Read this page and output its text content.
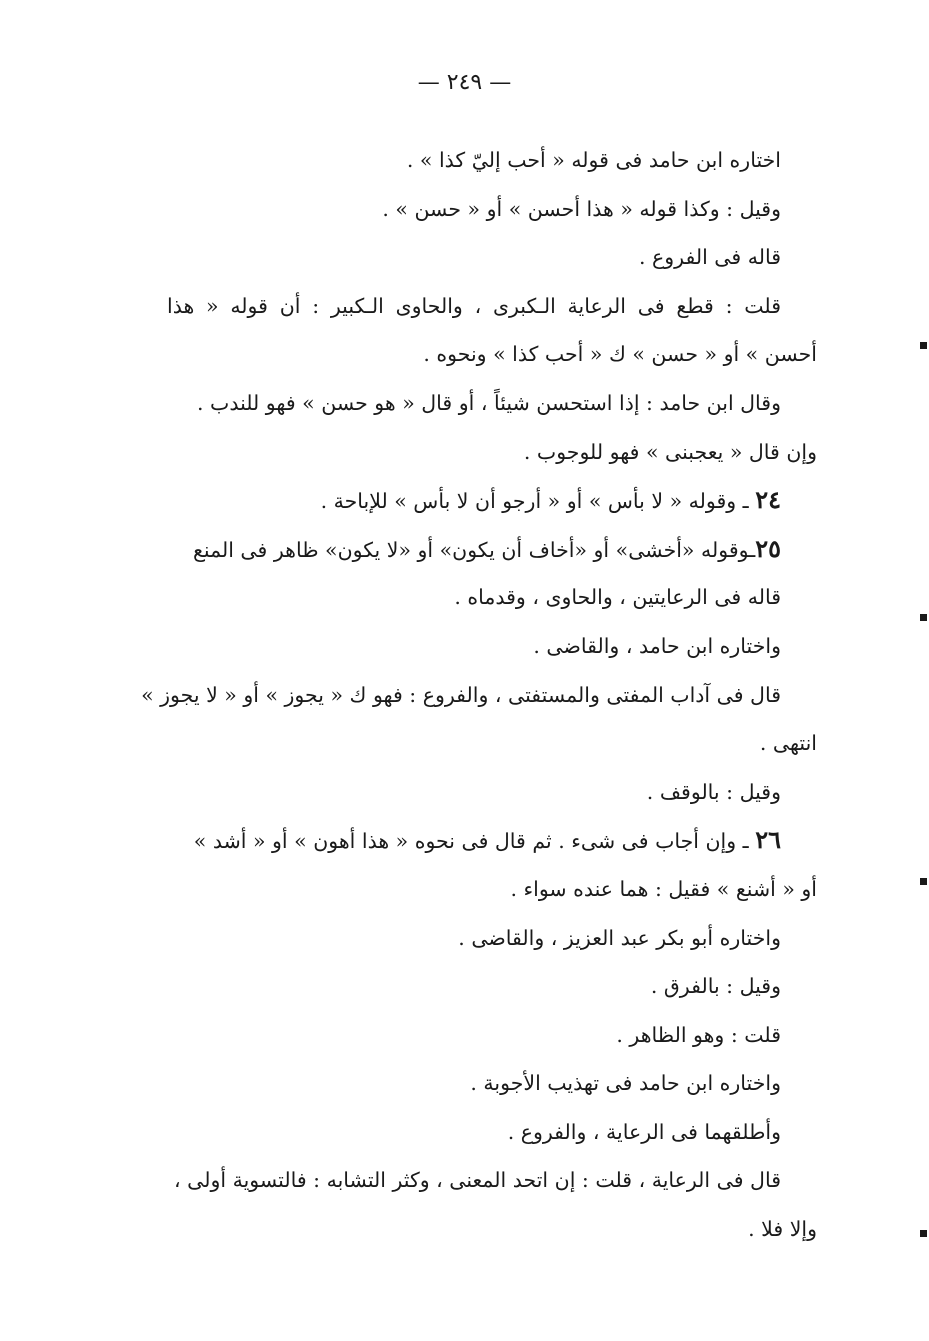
— ٢٤٩ —
اختاره ابن حامد فى قوله « أحب إليّ كذا » .
وقيل : وكذا قوله « هذا أحسن » أو « حسن » .
قاله فى الفروع .
قلت : قطع فى الرعاية الـكبرى ، والحاوى الـكبير : أن قوله « هذا
أحسن » أو « حسن » ك « أحب كذا » ونحوه .
وقال ابن حامد : إذا استحسن شيئاً ، أو قال « هو حسن » فهو للندب .
وإن قال « يعجبنى » فهو للوجوب .
٢٤ ـ وقوله « لا بأس » أو « أرجو أن لا بأس » للإباحة .
٢٥ـوقوله «أخشى» أو «أخاف أن يكون» أو «لا يكون» ظاهر فى المنع
قاله فى الرعايتين ، والحاوى ، وقدماه .
واختاره ابن حامد ، والقاضى .
قال فى آداب المفتى والمستفتى ، والفروع : فهو ك « يجوز » أو « لا يجوز »
انتهى .
وقيل : بالوقف .
٢٦ ـ وإن أجاب فى شىء . ثم قال فى نحوه « هذا أهون » أو « أشد »
أو « أشنع » فقيل : هما عنده سواء .
واختاره أبو بكر عبد العزيز ، والقاضى .
وقيل : بالفرق .
قلت : وهو الظاهر .
واختاره ابن حامد فى تهذيب الأجوبة .
وأطلقهما فى الرعاية ، والفروع .
قال فى الرعاية ، قلت : إن اتحد المعنى ، وكثر التشابه : فالتسوية أولى ،
وإلا فلا .
